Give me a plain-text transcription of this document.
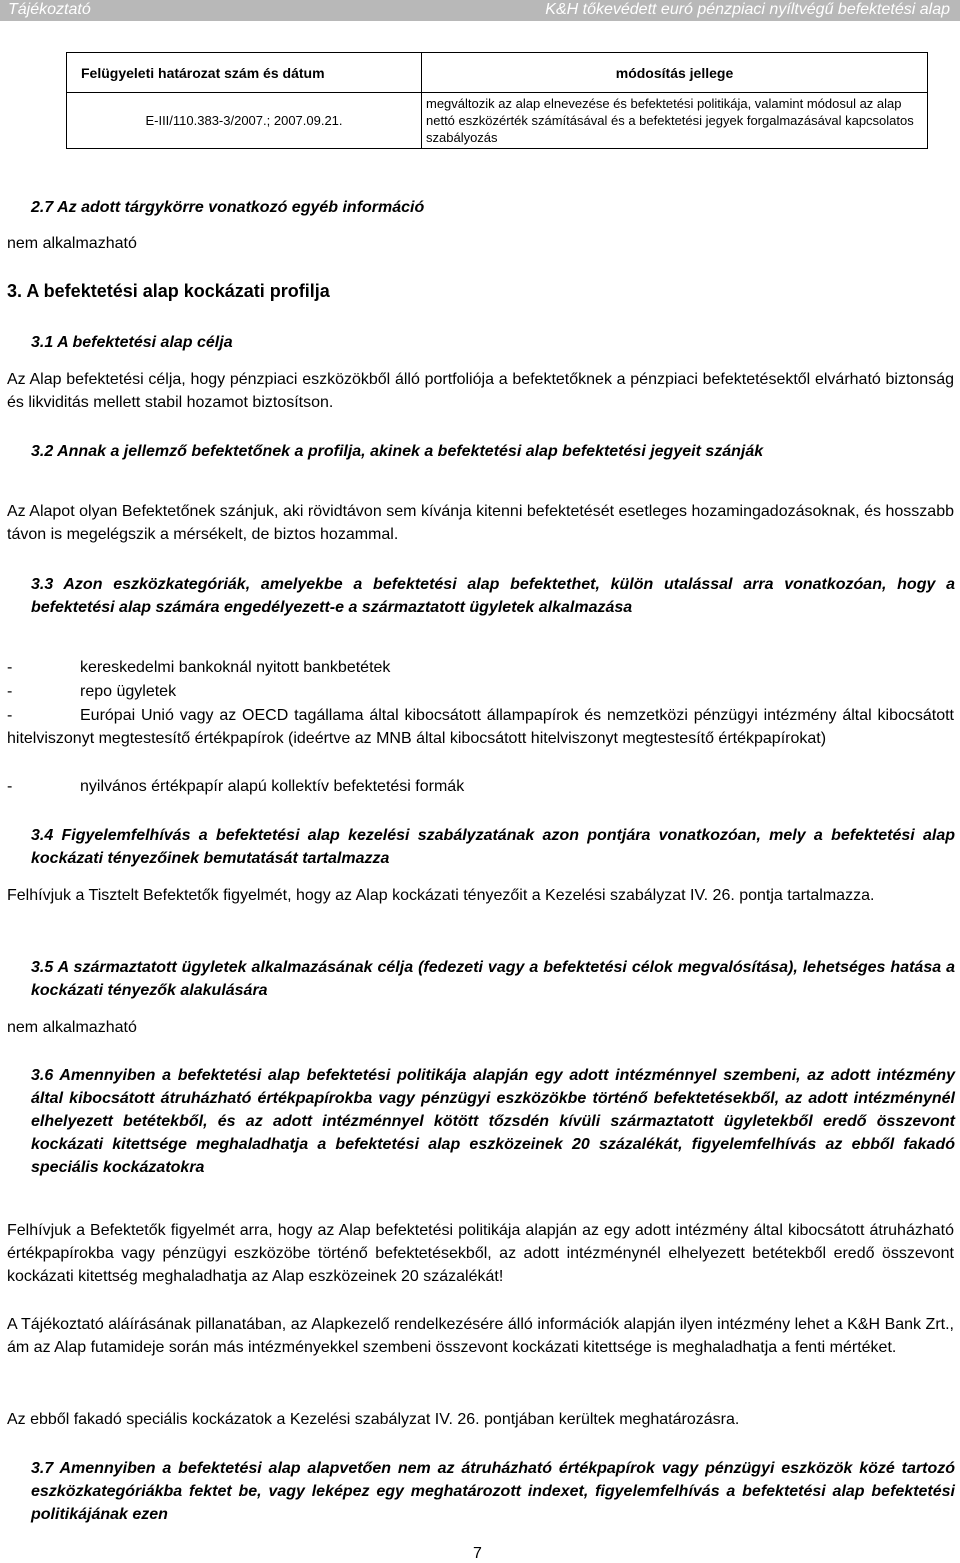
Tájékoztató	K&H tőkevédett euró pénzpiaci nyíltvégű befektetési alap
Felügyeleti határozat szám és dátum	módosítás jellege
E-III/110.383-3/2007.; 2007.09.21.	megváltozik az alap elnevezése és befektetési politikája, valamint módosul az alap nettó eszközérték számításával és a befektetési jegyek forgalmazásával kapcsolatos szabályozás

2.7 Az adott tárgykörre vonatkozó egyéb információ

nem alkalmazható

3. A befektetési alap kockázati profilja

3.1 A befektetési alap célja

Az Alap befektetési célja, hogy pénzpiaci eszközökből álló portfoliója a befektetőknek a pénzpiaci befektetésektől elvárható biztonság és likviditás mellett stabil hozamot biztosítson.

3.2 Annak a jellemző befektetőnek a profilja, akinek a befektetési alap befektetési jegyeit szánják

Az Alapot olyan Befektetőnek szánjuk, aki rövidtávon sem kívánja kitenni befektetését esetleges hozamingadozásoknak, és hosszabb távon is megelégszik a mérsékelt, de biztos hozammal.

3.3 Azon eszközkategóriák, amelyekbe a befektetési alap befektethet, külön utalással arra vonatkozóan, hogy a befektetési alap számára engedélyezett-e a származtatott ügyletek alkalmazása

-	kereskedelmi bankoknál nyitott bankbetétek

-	repo ügyletek

-	Európai Unió vagy az OECD tagállama által kibocsátott állampapírok és nemzetközi pénzügyi intézmény által kibocsátott hitelviszonyt megtestesítő értékpapírok (ideértve az MNB által kibocsátott hitelviszonyt megtestesítő értékpapírokat)

-	nyilvános értékpapír alapú kollektív befektetési formák

3.4 Figyelemfelhívás a befektetési alap kezelési szabályzatának azon pontjára vonatkozóan, mely a befektetési alap kockázati tényezőinek bemutatását tartalmazza

Felhívjuk a Tisztelt Befektetők figyelmét, hogy az Alap kockázati tényezőit a Kezelési szabályzat IV. 26. pontja tartalmazza.

3.5 A származtatott ügyletek alkalmazásának célja (fedezeti vagy a befektetési célok megvalósítása), lehetséges hatása a kockázati tényezők alakulására

nem alkalmazható

3.6 Amennyiben a befektetési alap befektetési politikája alapján egy adott intézménnyel szembeni, az adott intézmény által kibocsátott átruházható értékpapírokba vagy pénzügyi eszközökbe történő befektetésekből, az adott intézménynél elhelyezett betétekből, és az adott intézménnyel kötött tőzsdén kívüli származtatott ügyletekből eredő összevont kockázati kitettsége meghaladhatja a befektetési alap eszközeinek 20 százalékát, figyelemfelhívás az ebből fakadó speciális kockázatokra

Felhívjuk a Befektetők figyelmét arra, hogy az Alap befektetési politikája alapján az egy adott intézmény által kibocsátott átruházható értékpapírokba vagy pénzügyi eszközöbe történő befektetésekből, az adott intézménynél elhelyezett betétekből eredő összevont kockázati kitettség meghaladhatja az Alap eszközeinek 20 százalékát!

A Tájékoztató aláírásának pillanatában, az Alapkezelő rendelkezésére álló információk alapján ilyen intézmény lehet a K&H Bank Zrt., ám az Alap futamideje során más intézményekkel szembeni összevont kockázati kitettsége is meghaladhatja a fenti mértéket.

Az ebből fakadó speciális kockázatok a Kezelési szabályzat IV. 26. pontjában kerültek meghatározásra.

3.7 Amennyiben a befektetési alap alapvetően nem az átruházható értékpapírok vagy pénzügyi eszközök közé tartozó eszközkategóriákba fektet be, vagy leképez egy meghatározott indexet, figyelemfelhívás a befektetési alap befektetési politikájának ezen

7
